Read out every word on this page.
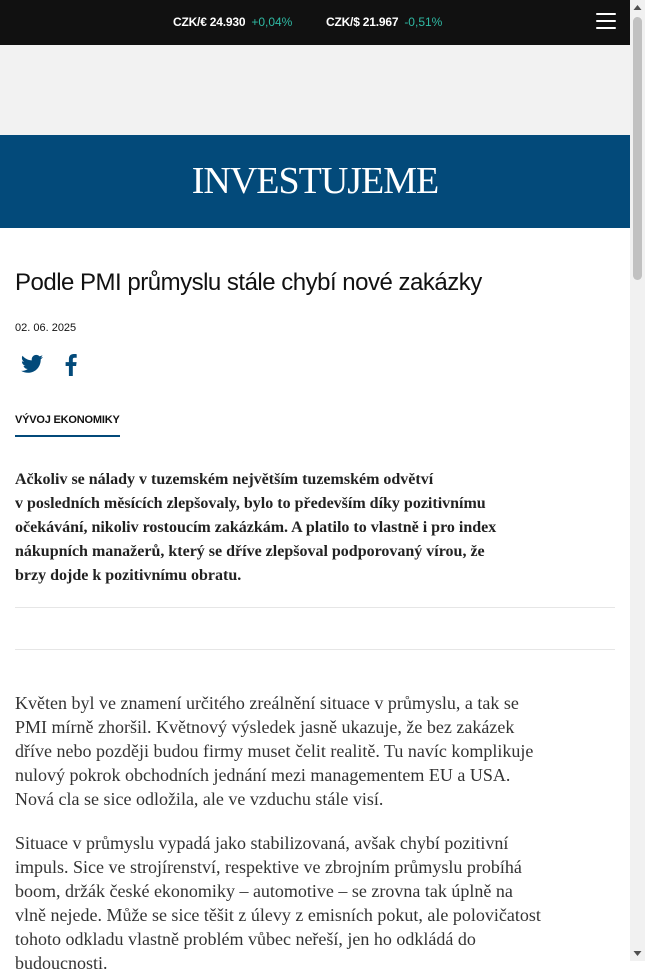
CZK/€ 24.930 +0,04%	CZK/$ 21.967 -0,51%
INVESTUJEME
Podle PMI průmyslu stále chybí nové zakázky
02. 06. 2025
VÝVOJ EKONOMIKY
Ačkoliv se nálady v tuzemském největším tuzemském odvětví
v posledních měsících zlepšovaly, bylo to především díky pozitivnímu
očekávání, nikoliv rostoucím zakázkám. A platilo to vlastně i pro index
nákupních manažerů, který se dříve zlepšoval podporovaný vírou, že
brzy dojde k pozitivnímu obratu.
Květen byl ve znamení určitého zreálnění situace v průmyslu, a tak se
PMI mírně zhoršil. Květnový výsledek jasně ukazuje, že bez zakázek
dříve nebo později budou firmy muset čelit realitě. Tu navíc komplikuje
nulový pokrok obchodních jednání mezi managementem EU a USA.
Nová cla se sice odložila, ale ve vzduchu stále visí.
Situace v průmyslu vypadá jako stabilizovaná, avšak chybí pozitivní
impuls. Sice ve strojírenství, respektive ve zbrojním průmyslu probíhá
boom, držák české ekonomiky – automotive – se zrovna tak úplně na
vlně nejede. Může se sice těšit z úlevy z emisních pokut, ale polovičatost
tohoto odkladu vlastně problém vůbec neřeší, jen ho odkládá do
budoucnosti.
